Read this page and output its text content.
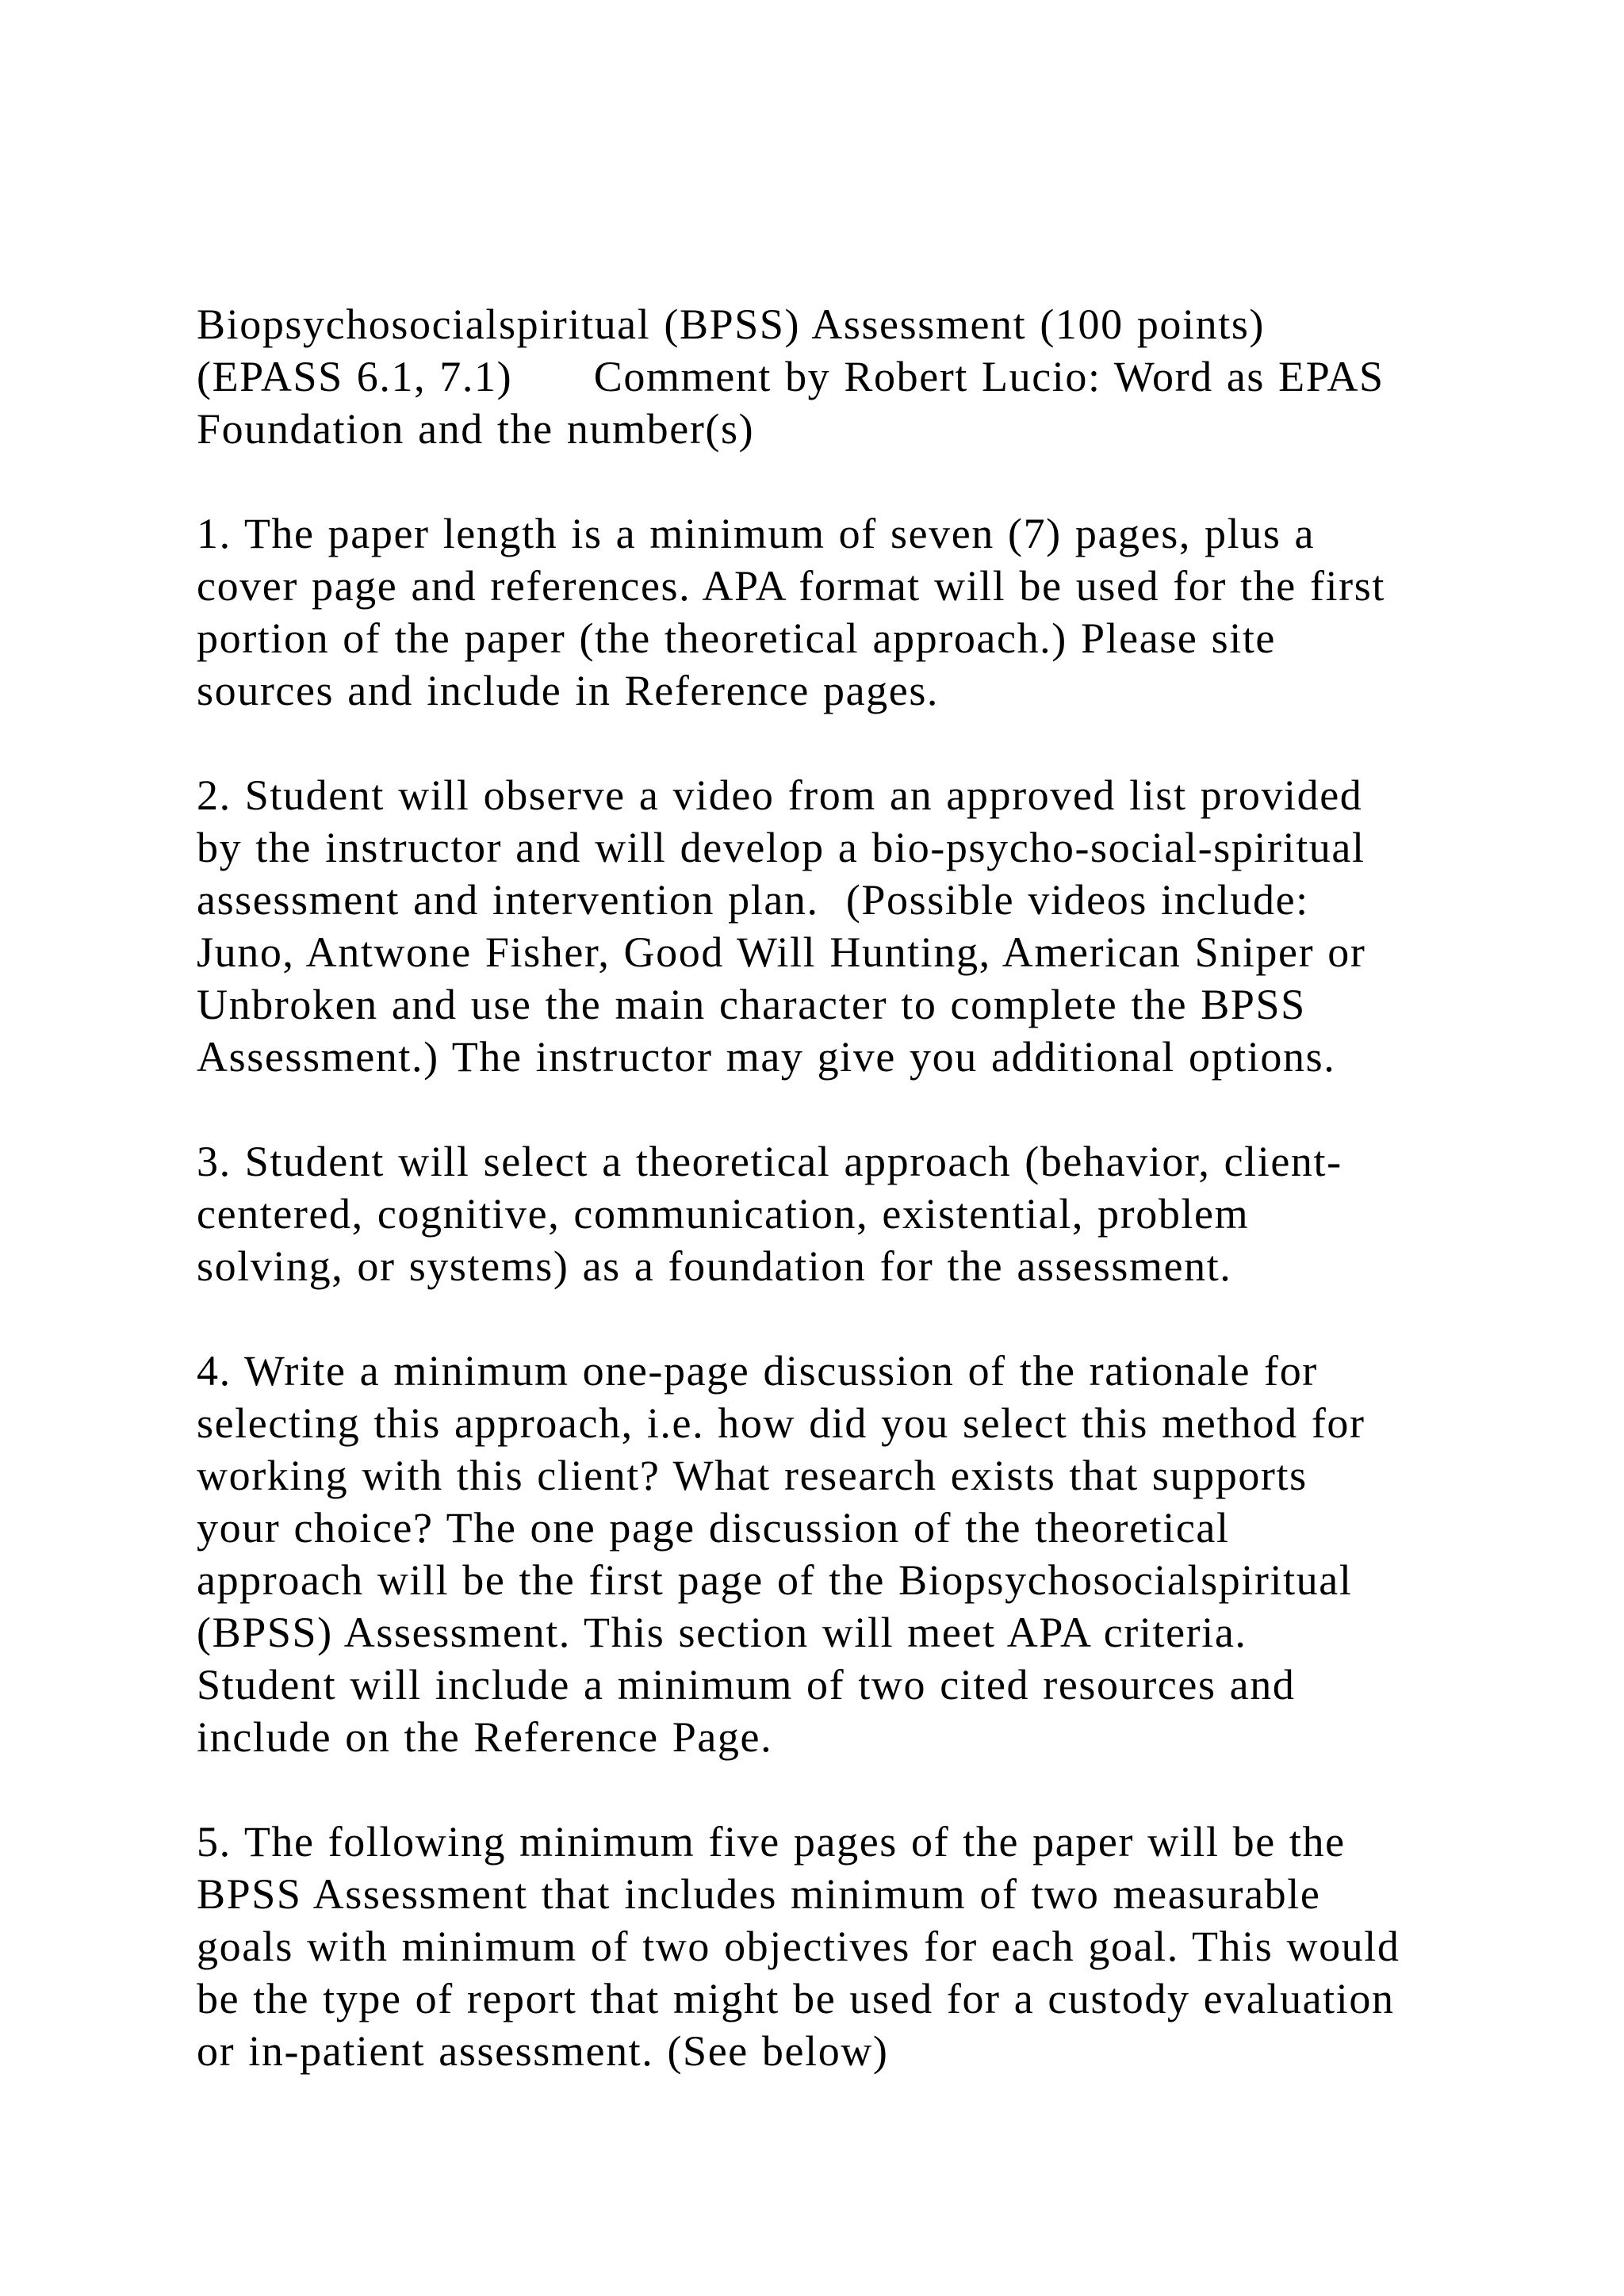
Biopsychosocialspiritual (BPSS) Assessment (100 points)
(EPASS 6.1, 7.1)      Comment by Robert Lucio: Word as EPAS
Foundation and the number(s)
1. The paper length is a minimum of seven (7) pages, plus a
cover page and references. APA format will be used for the first
portion of the paper (the theoretical approach.) Please site
sources and include in Reference pages.
2. Student will observe a video from an approved list provided
by the instructor and will develop a bio-psycho-social-spiritual
assessment and intervention plan.  (Possible videos include:
Juno, Antwone Fisher, Good Will Hunting, American Sniper or
Unbroken and use the main character to complete the BPSS
Assessment.) The instructor may give you additional options.
3. Student will select a theoretical approach (behavior, client-
centered, cognitive, communication, existential, problem
solving, or systems) as a foundation for the assessment.
4. Write a minimum one-page discussion of the rationale for
selecting this approach, i.e. how did you select this method for
working with this client? What research exists that supports
your choice? The one page discussion of the theoretical
approach will be the first page of the Biopsychosocialspiritual
(BPSS) Assessment. This section will meet APA criteria.
Student will include a minimum of two cited resources and
include on the Reference Page.
5. The following minimum five pages of the paper will be the
BPSS Assessment that includes minimum of two measurable
goals with minimum of two objectives for each goal. This would
be the type of report that might be used for a custody evaluation
or in-patient assessment. (See below)
